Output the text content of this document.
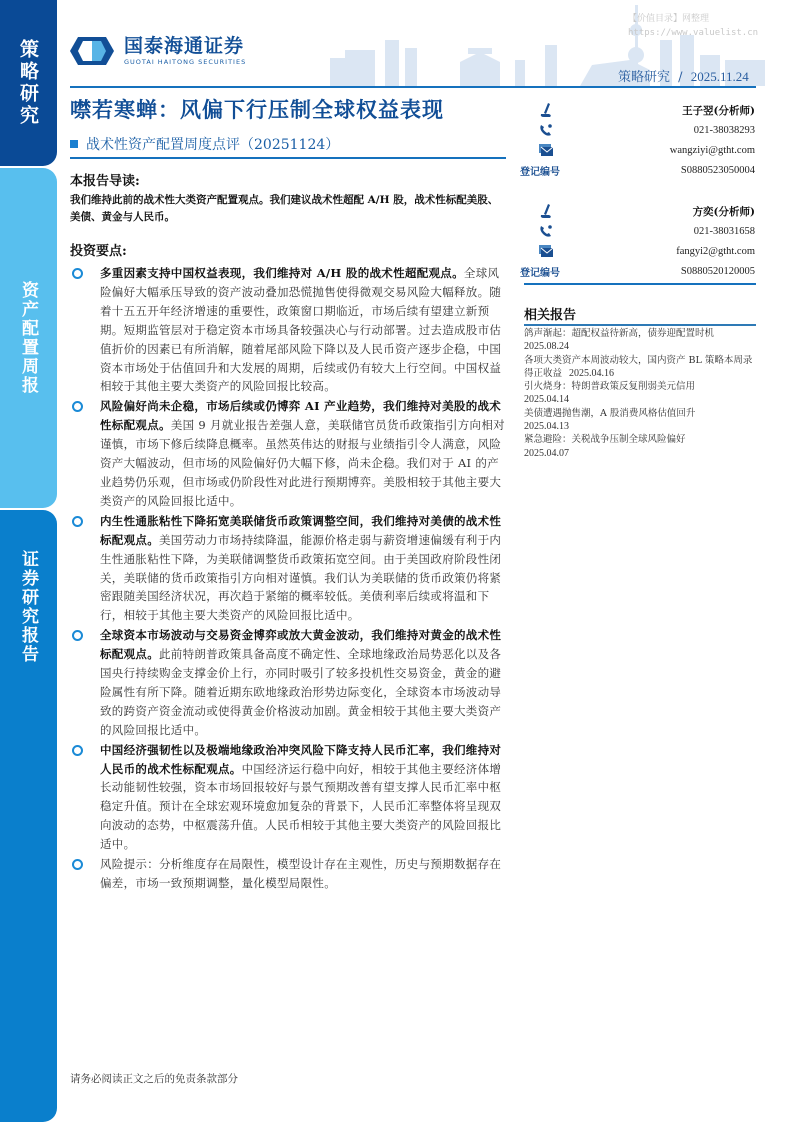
策略研究
资产配置周报
证券研究报告
【价值目录】网整理
https://www.valuelist.cn
国泰海通证券
GUOTAI HAITONG SECURITIES
策略研究 / 2025.11.24
噤若寒蝉：风偏下行压制全球权益表现
战术性资产配置周度点评（20251124）
本报告导读:
我们维持此前的战术性大类资产配置观点。我们建议战术性超配 A/H 股，战术性标配美股、美债、黄金与人民币。
投资要点:
多重因素支持中国权益表现，我们维持对 A/H 股的战术性超配观点。全球风险偏好大幅承压导致的资产波动叠加恐慌抛售使得微观交易风险大幅释放。随着十五五开年经济增速的重要性，政策窗口期临近，市场后续有望建立新预期。短期监管层对于稳定资本市场具备较强决心与行动部署。过去造成股市估值折价的因素已有所消解，随着尾部风险下降以及人民币资产逐步企稳，中国资本市场处于估值回升和大发展的周期，后续或仍有较大上行空间。中国权益相较于其他主要大类资产的风险回报比较高。
风险偏好尚未企稳，市场后续或仍博弈 AI 产业趋势，我们维持对美股的战术性标配观点。美国 9 月就业报告差强人意，美联储官员货币政策指引方向相对谨慎，市场下修后续降息概率。虽然英伟达的财报与业绩指引令人满意，风险资产大幅波动，但市场的风险偏好仍大幅下修，尚未企稳。我们对于 AI 的产业趋势仍乐观，但市场或仍阶段性对此进行预期博弈。美股相较于其他主要大类资产的风险回报比适中。
内生性通胀粘性下降拓宽美联储货币政策调整空间，我们维持对美债的战术性标配观点。美国劳动力市场持续降温，能源价格走弱与薪资增速偏缓有利于内生性通胀粘性下降，为美联储调整货币政策拓宽空间。由于美国政府阶段性闭关，美联储的货币政策指引方向相对谨慎。我们认为美联储的货币政策仍将紧密跟随美国经济状况，再次趋于紧缩的概率较低。美债利率后续或将温和下行，相较于其他主要大类资产的风险回报比适中。
全球资本市场波动与交易资金博弈或放大黄金波动，我们维持对黄金的战术性标配观点。此前特朗普政策具备高度不确定性、全球地缘政治局势恶化以及各国央行持续购金支撑金价上行，亦同时吸引了较多投机性交易资金，黄金的避险属性有所下降。随着近期东欧地缘政治形势边际变化，全球资本市场波动导致的跨资产资金流动或使得黄金价格波动加剧。黄金相较于其他主要大类资产的风险回报比适中。
中国经济强韧性以及极端地缘政治冲突风险下降支持人民币汇率，我们维持对人民币的战术性标配观点。中国经济运行稳中向好，相较于其他主要经济体增长动能韧性较强，资本市场回报较好与景气预期改善有望支撑人民币汇率中枢稳定升值。预计在全球宏观环境愈加复杂的背景下，人民币汇率整体将呈现双向波动的态势，中枢震荡升值。人民币相较于其他主要大类资产的风险回报比适中。
风险提示：分析维度存在局限性，模型设计存在主观性，历史与预期数据存在偏差，市场一致预期调整，量化模型局限性。
王子翌(分析师)
021-38038293
wangziyi@gtht.com
登记编号	S0880523050004
方奕(分析师)
021-38031658
fangyi2@gtht.com
登记编号	S0880520120005
相关报告
鸽声渐起：超配权益待新高，债券迎配置时机
2025.08.24
各项大类资产本周波动较大，国内资产 BL 策略本周录得正收益 2025.04.16
引火烧身：特朗普政策反复削弱美元信用
2025.04.14
美债遭遇抛售潮，A 股消费风格估值回升
2025.04.13
紧急避险：关税战争压制全球风险偏好
2025.04.07
请务必阅读正文之后的免责条款部分
